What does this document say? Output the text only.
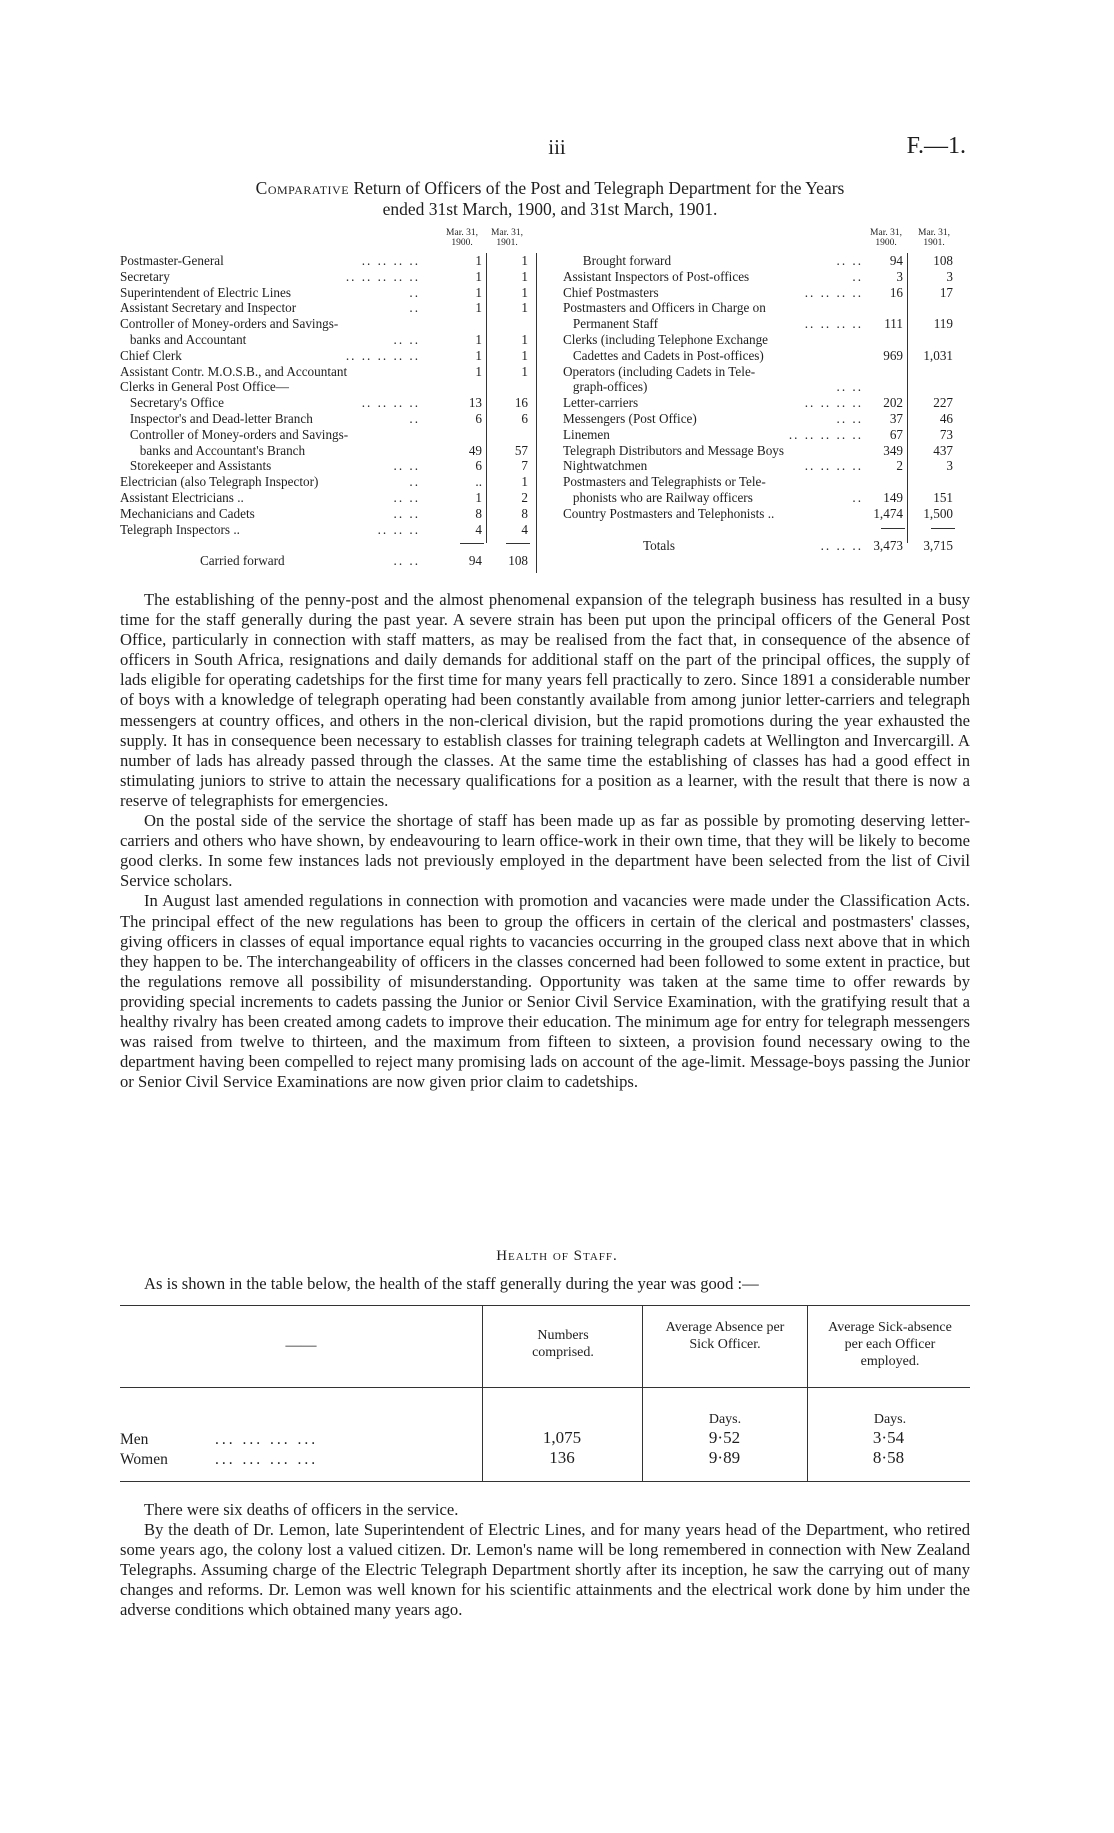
iii	F.—1.
Comparative Return of Officers of the Post and Telegraph Department for the Years
ended 31st March, 1900, and 31st March, 1901.
Mar. 31, 1900.
Mar. 31, 1901.
Mar. 31, 1900.
Mar. 31, 1901.
Postmaster-General	.. .. .. ..	1	1
Secretary	.. .. .. .. ..	1	1
Superintendent of Electric Lines	..	1	1
Assistant Secretary and Inspector	..	1	1
Controller of Money-orders and Savings-
banks and Accountant	.. ..	1	1
Chief Clerk	.. .. .. .. ..	1	1
Assistant Contr. M.O.S.B., and Accountant	1	1
Clerks in General Post Office—
Secretary's Office	.. .. .. ..	13	16
Inspector's and Dead-letter Branch	..	6	6
Controller of Money-orders and Savings-
banks and Accountant's Branch	49	57
Storekeeper and Assistants	.. ..	6	7
Electrician (also Telegraph Inspector)	..	..	1
Assistant Electricians ..	.. ..	1	2
Mechanicians and Cadets	.. ..	8	8
Telegraph Inspectors ..	.. .. ..	4	4
Carried forward	.. ..	94	108
Brought forward	.. ..	94	108
Assistant Inspectors of Post-offices	..	3	3
Chief Postmasters	.. .. .. ..	16	17
Postmasters and Officers in Charge on
Permanent Staff	.. .. .. ..	111	119
Clerks (including Telephone Exchange
Cadettes and Cadets in Post-offices)	969	1,031
Operators (including Cadets in Tele-
graph-offices)	.. ..
Letter-carriers	.. .. .. ..	202	227
Messengers (Post Office)	.. ..	37	46
Linemen	.. .. .. .. ..	67	73
Telegraph Distributors and Message Boys	349	437
Nightwatchmen	.. .. .. ..	2	3
Postmasters and Telegraphists or Tele-
phonists who are Railway officers	..	149	151
Country Postmasters and Telephonists ..	1,474	1,500
Totals	.. .. .. 3,473	3,715

The establishing of the penny-post and the almost phenomenal expansion of the telegraph business has resulted in a busy time for the staff generally during the past year. A severe strain has been put upon the principal officers of the General Post Office, particularly in connection with staff matters, as may be realised from the fact that, in consequence of the absence of officers in South Africa, resignations and daily demands for additional staff on the part of the principal offices, the supply of lads eligible for operating cadetships for the first time for many years fell practically to zero. Since 1891 a considerable number of boys with a knowledge of telegraph operating had been constantly available from among junior letter-carriers and telegraph messengers at country offices, and others in the non-clerical division, but the rapid promotions during the year exhausted the supply. It has in consequence been necessary to establish classes for training telegraph cadets at Wellington and Invercargill. A number of lads has already passed through the classes. At the same time the establishing of classes has had a good effect in stimulating juniors to strive to attain the necessary qualifications for a position as a learner, with the result that there is now a reserve of telegraphists for emergencies.

On the postal side of the service the shortage of staff has been made up as far as possible by promoting deserving letter-carriers and others who have shown, by endeavouring to learn office-work in their own time, that they will be likely to become good clerks. In some few instances lads not previously employed in the department have been selected from the list of Civil Service scholars.

In August last amended regulations in connection with promotion and vacancies were made under the Classification Acts. The principal effect of the new regulations has been to group the officers in certain of the clerical and postmasters' classes, giving officers in classes of equal importance equal rights to vacancies occurring in the grouped class next above that in which they happen to be. The interchangeability of officers in the classes concerned had been followed to some extent in practice, but the regulations remove all possibility of misunderstanding. Opportunity was taken at the same time to offer rewards by providing special increments to cadets passing the Junior or Senior Civil Service Examination, with the gratifying result that a healthy rivalry has been created among cadets to improve their education. The minimum age for entry for telegraph messengers was raised from twelve to thirteen, and the maximum from fifteen to sixteen, a provision found necessary owing to the department having been compelled to reject many promising lads on account of the age-limit. Message-boys passing the Junior or Senior Civil Service Examinations are now given prior claim to cadetships.

Health of Staff.
As is shown in the table below, the health of the staff generally during the year was good :—
——
Numbers comprised.
Average Absence per Sick Officer.
Average Sick-absence per each Officer employed.
Days.	Days.
Men	... ... ... ...	1,075	9·52	3·54
Women	... ... ... ...	136	9·89	8·58

There were six deaths of officers in the service.

By the death of Dr. Lemon, late Superintendent of Electric Lines, and for many years head of the Department, who retired some years ago, the colony lost a valued citizen. Dr. Lemon's name will be long remembered in connection with New Zealand Telegraphs. Assuming charge of the Electric Telegraph Department shortly after its inception, he saw the carrying out of many changes and reforms. Dr. Lemon was well known for his scientific attainments and the electrical work done by him under the adverse conditions which obtained many years ago.
